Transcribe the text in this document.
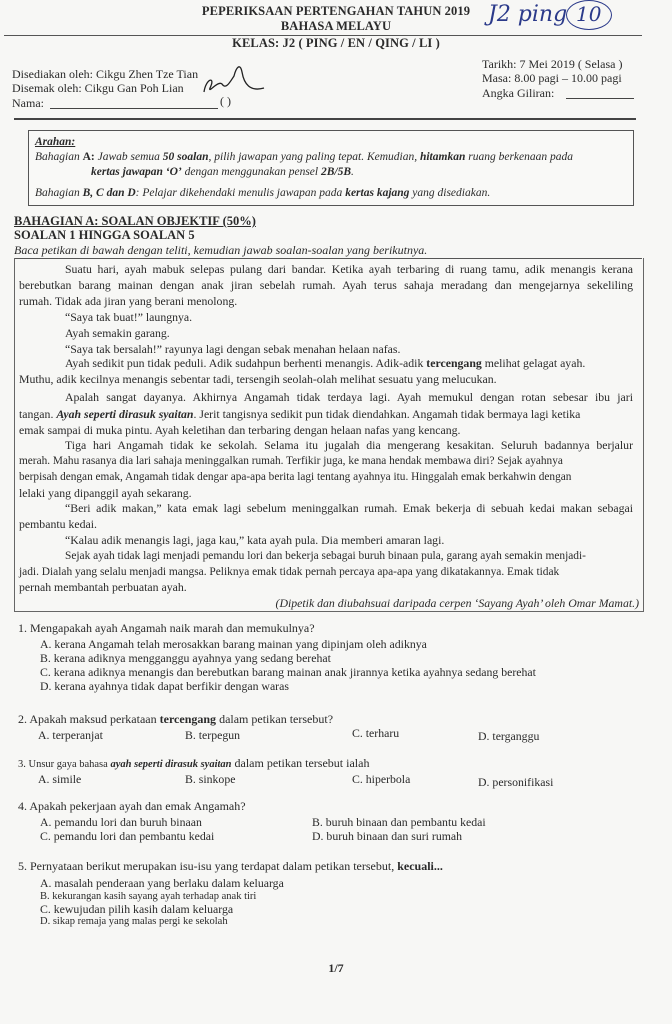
PEPERIKSAAN PERTENGAHAN TAHUN 2019
BAHASA MELAYU	J2 ping 10
KELAS: J2 ( PING / EN / QING / LI )
Disediakan oleh: Cikgu Zhen Tze Tian
Disemak oleh: Cikgu Gan Poh Lian
Nama:	( )
Tarikh: 7 Mei 2019 ( Selasa )
Masa: 8.00 pagi – 10.00 pagi
Angka Giliran:

Arahan:

Bahagian A: Jawab semua 50 soalan, pilih jawapan yang paling tepat. Kemudian, hitamkan ruang berkenaan pada

kertas jawapan ‘O’ dengan menggunakan pensel 2B/5B.

Bahagian B, C dan D: Pelajar dikehendaki menulis jawapan pada kertas kajang yang disediakan.

BAHAGIAN A: SOALAN OBJEKTIF (50%)
SOALAN 1 HINGGA SOALAN 5
Baca petikan di bawah dengan teliti, kemudian jawab soalan-soalan yang berikutnya.
Suatu hari, ayah mabuk selepas pulang dari bandar. Ketika ayah terbaring di ruang tamu, adik menangis kerana
berebutkan barang mainan dengan anak jiran sebelah rumah. Ayah terus sahaja meradang dan mengejarnya sekeliling
rumah. Tidak ada jiran yang berani menolong.
“Saya tak buat!” laungnya.
Ayah semakin garang.
“Saya tak bersalah!” rayunya lagi dengan sebak menahan helaan nafas.
Ayah sedikit pun tidak peduli. Adik sudahpun berhenti menangis. Adik-adik tercengang melihat gelagat ayah.
Muthu, adik kecilnya menangis sebentar tadi, tersengih seolah-olah melihat sesuatu yang melucukan.
Apalah sangat dayanya. Akhirnya Angamah tidak terdaya lagi. Ayah memukul dengan rotan sebesar ibu jari
tangan. Ayah seperti dirasuk syaitan. Jerit tangisnya sedikit pun tidak diendahkan. Angamah tidak bermaya lagi ketika
emak sampai di muka pintu. Ayah keletihan dan terbaring dengan helaan nafas yang kencang.
Tiga hari Angamah tidak ke sekolah. Selama itu jugalah dia mengerang kesakitan. Seluruh badannya berjalur
merah. Mahu rasanya dia lari sahaja meninggalkan rumah. Terfikir juga, ke mana hendak membawa diri? Sejak ayahnya
berpisah dengan emak, Angamah tidak dengar apa-apa berita lagi tentang ayahnya itu. Hinggalah emak berkahwin dengan
lelaki yang dipanggil ayah sekarang.
“Beri adik makan,” kata emak lagi sebelum meninggalkan rumah. Emak bekerja di sebuah kedai makan sebagai
pembantu kedai.
“Kalau adik menangis lagi, jaga kau,” kata ayah pula. Dia memberi amaran lagi.
Sejak ayah tidak lagi menjadi pemandu lori dan bekerja sebagai buruh binaan pula, garang ayah semakin menjadi-
jadi. Dialah yang selalu menjadi mangsa. Peliknya emak tidak pernah percaya apa-apa yang dikatakannya. Emak tidak
pernah membantah perbuatan ayah.
(Dipetik dan diubahsuai daripada cerpen ‘Sayang Ayah’ oleh Omar Mamat.)
1. Mengapakah ayah Angamah naik marah dan memukulnya?
A. kerana Angamah telah merosakkan barang mainan yang dipinjam oleh adiknya
B. kerana adiknya mengganggu ayahnya yang sedang berehat
C. kerana adiknya menangis dan berebutkan barang mainan anak jirannya ketika ayahnya sedang berehat
D. kerana ayahnya tidak dapat berfikir dengan waras
2. Apakah maksud perkataan tercengang dalam petikan tersebut?
A. terperanjat	B. terpegun	C. terharu	D. terganggu
3. Unsur gaya bahasa ayah seperti dirasuk syaitan dalam petikan tersebut ialah
A. simile	B. sinkope	C. hiperbola	D. personifikasi
4. Apakah pekerjaan ayah dan emak Angamah?
A. pemandu lori dan buruh binaan	B. buruh binaan dan pembantu kedai
C. pemandu lori dan pembantu kedai	D. buruh binaan dan suri rumah
5. Pernyataan berikut merupakan isu-isu yang terdapat dalam petikan tersebut, kecuali...
A. masalah penderaan yang berlaku dalam keluarga
B. kekurangan kasih sayang ayah terhadap anak tiri
C. kewujudan pilih kasih dalam keluarga
D. sikap remaja yang malas pergi ke sekolah
1/7
